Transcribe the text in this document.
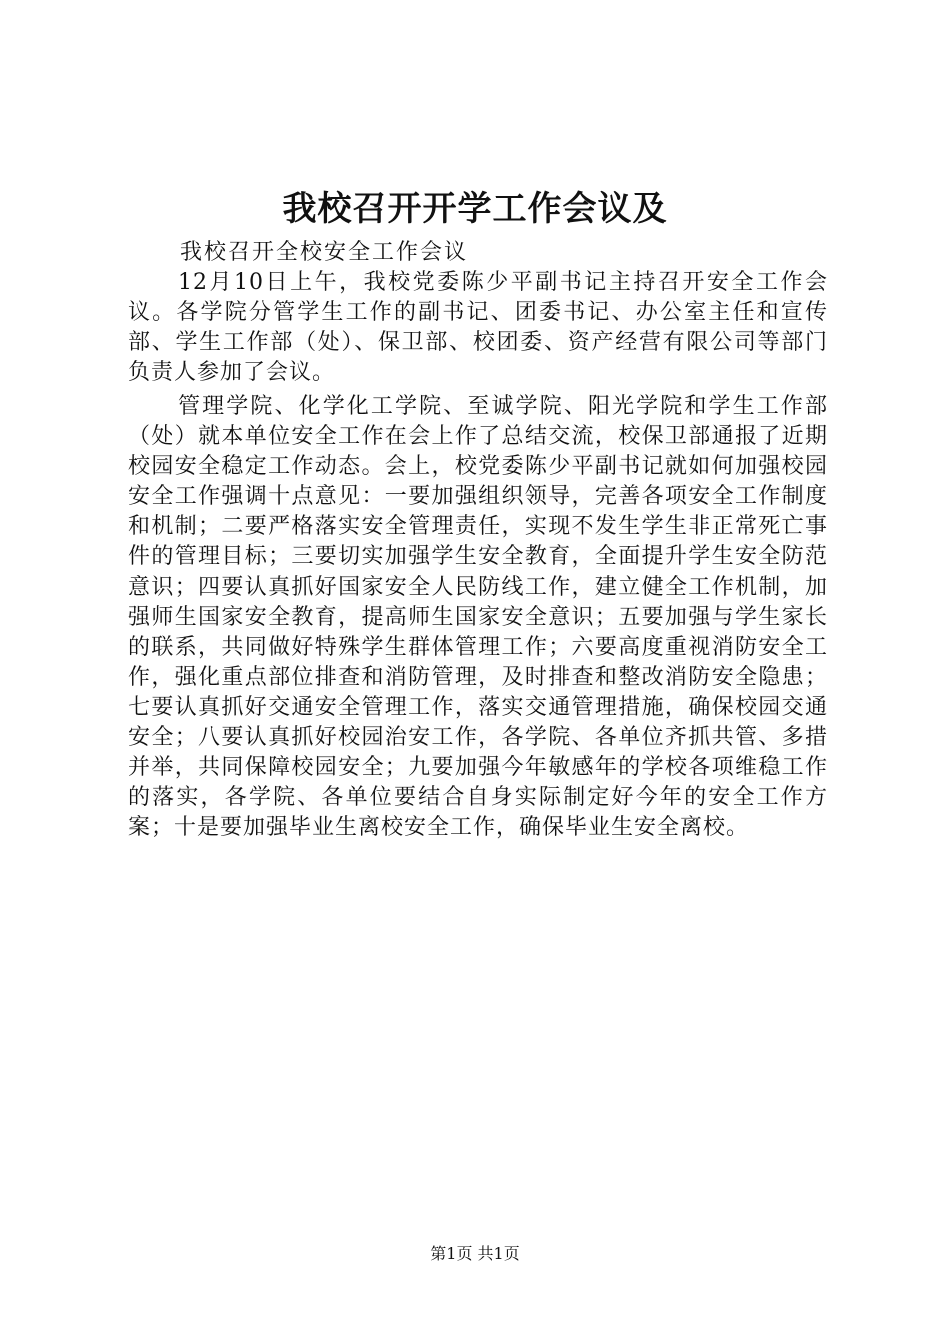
我校召开开学工作会议及
我校召开全校安全工作会议

12月10日上午，我校党委陈少平副书记主持召开安全工作会议。各学院分管学生工作的副书记、团委书记、办公室主任和宣传部、学生工作部（处）、保卫部、校团委、资产经营有限公司等部门负责人参加了会议。

管理学院、化学化工学院、至诚学院、阳光学院和学生工作部（处）就本单位安全工作在会上作了总结交流，校保卫部通报了近期校园安全稳定工作动态。会上，校党委陈少平副书记就如何加强校园安全工作强调十点意见：一要加强组织领导，完善各项安全工作制度和机制；二要严格落实安全管理责任，实现不发生学生非正常死亡事件的管理目标；三要切实加强学生安全教育，全面提升学生安全防范意识；四要认真抓好国家安全人民防线工作，建立健全工作机制，加强师生国家安全教育，提高师生国家安全意识；五要加强与学生家长的联系，共同做好特殊学生群体管理工作；六要高度重视消防安全工作，强化重点部位排查和消防管理，及时排查和整改消防安全隐患；七要认真抓好交通安全管理工作，落实交通管理措施，确保校园交通安全；八要认真抓好校园治安工作，各学院、各单位齐抓共管、多措并举，共同保障校园安全；九要加强今年敏感年的学校各项维稳工作的落实，各学院、各单位要结合自身实际制定好今年的安全工作方案；十是要加强毕业生离校安全工作，确保毕业生安全离校。

第1页 共1页
